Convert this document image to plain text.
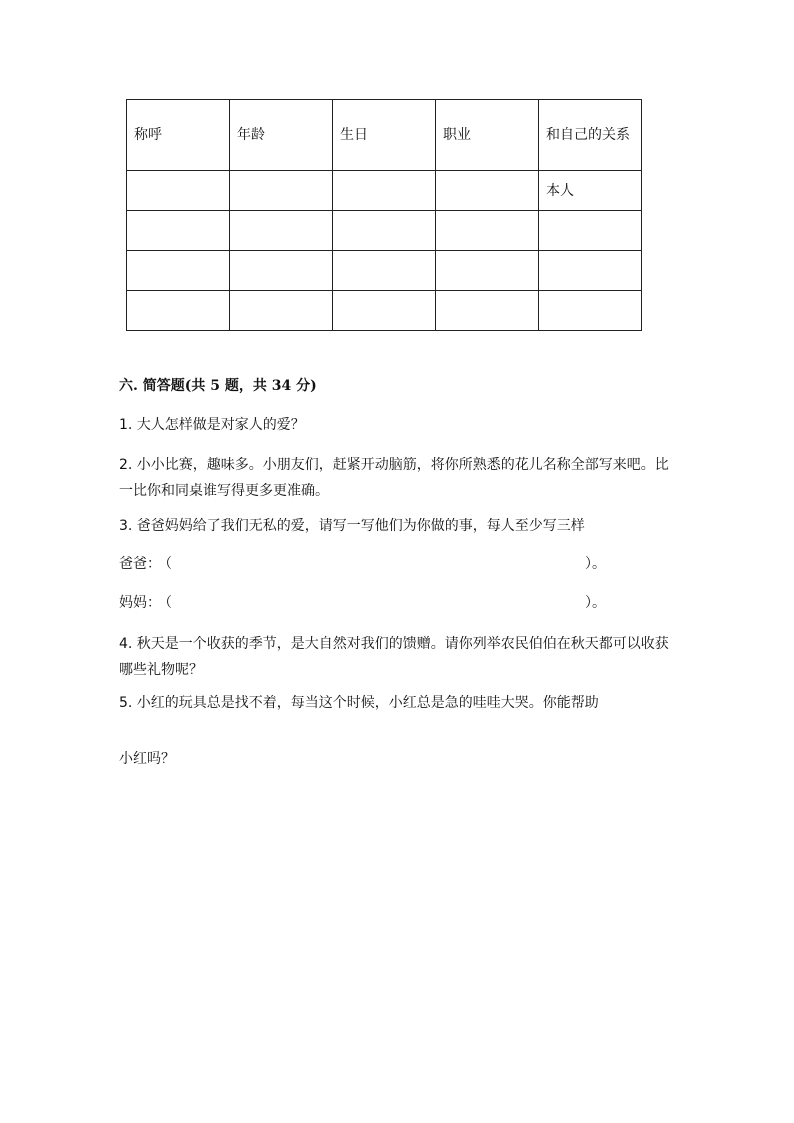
称呼	年龄	生日	职业	和自己的关系
				本人

六. 简答题(共 5 题，共 34 分)
1. 大人怎样做是对家人的爱？
2. 小小比赛，趣味多。小朋友们，赶紧开动脑筋，将你所熟悉的花儿名称全部写来吧。比一比你和同桌谁写得更多更准确。
3. 爸爸妈妈给了我们无私的爱，请写一写他们为你做的事，每人至少写三样
爸爸： （	）。
妈妈： （	）。
4. 秋天是一个收获的季节，是大自然对我们的馈赠。请你列举农民伯伯在秋天都可以收获哪些礼物呢？
5. 小红的玩具总是找不着，每当这个时候，小红总是急的哇哇大哭。你能帮助
小红吗？
